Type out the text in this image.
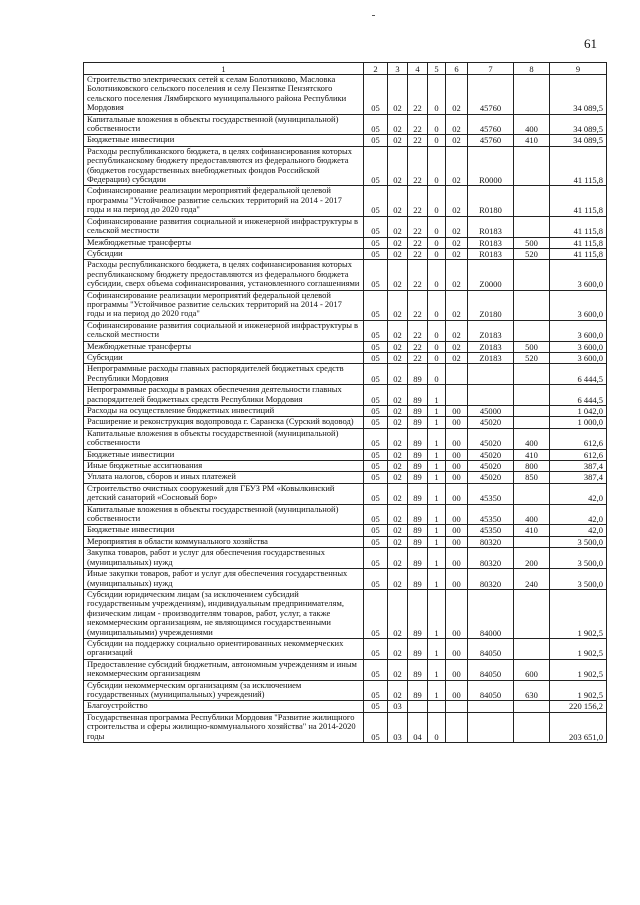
61
1	2	3	4	5	6	7	8	9
Строительство электрических сетей к селам Болотниково, Масловка Болотниковского сельского поселения и селу Пензятке Пензятского сельского поселения Лямбирского муниципального района Республики Мордовия	05	02	22	0	02	45760		34 089,5
Капитальные вложения в объекты государственной (муниципальной) собственности	05	02	22	0	02	45760	400	34 089,5
Бюджетные инвестиции	05	02	22	0	02	45760	410	34 089,5
Расходы республиканского бюджета, в целях софинансирования которых республиканскому бюджету предоставляются из федерального бюджета (бюджетов государственных внебюджетных фондов Российской Федерации) субсидии	05	02	22	0	02	R0000		41 115,8
Софинансирование реализации мероприятий федеральной целевой программы "Устойчивое развитие сельских территорий на 2014 - 2017 годы и на период до 2020 года"	05	02	22	0	02	R0180		41 115,8
Софинансирование развития социальной и инженерной инфраструктуры в сельской местности	05	02	22	0	02	R0183		41 115,8
Межбюджетные трансферты	05	02	22	0	02	R0183	500	41 115,8
Субсидии	05	02	22	0	02	R0183	520	41 115,8
Расходы республиканского бюджета, в целях софинансирования которых республиканскому бюджету предоставляются из федерального бюджета субсидии, сверх объема софинансирования, установленного соглашениями	05	02	22	0	02	Z0000		3 600,0
Софинансирование реализации мероприятий федеральной целевой программы "Устойчивое развитие сельских территорий на 2014 - 2017 годы и на период до 2020 года"	05	02	22	0	02	Z0180		3 600,0
Софинансирование развития социальной и инженерной инфраструктуры в сельской местности	05	02	22	0	02	Z0183		3 600,0
Межбюджетные трансферты	05	02	22	0	02	Z0183	500	3 600,0
Субсидии	05	02	22	0	02	Z0183	520	3 600,0
Непрограммные расходы главных распорядителей бюджетных средств Республики Мордовия	05	02	89	0				6 444,5
Непрограммные расходы в рамках обеспечения деятельности главных распорядителей бюджетных средств Республики Мордовия	05	02	89	1				6 444,5
Расходы на осуществление бюджетных инвестиций	05	02	89	1	00	45000		1 042,0
Расширение и реконструкция водопровода г. Саранска (Сурский водовод)	05	02	89	1	00	45020		1 000,0
Капитальные вложения в объекты государственной (муниципальной) собственности	05	02	89	1	00	45020	400	612,6
Бюджетные инвестиции	05	02	89	1	00	45020	410	612,6
Иные бюджетные ассигнования	05	02	89	1	00	45020	800	387,4
Уплата налогов, сборов и иных платежей	05	02	89	1	00	45020	850	387,4
Строительство очистных сооружений для ГБУЗ РМ «Ковылкинский детский санаторий «Сосновый бор»	05	02	89	1	00	45350		42,0
Капитальные вложения в объекты государственной (муниципальной) собственности	05	02	89	1	00	45350	400	42,0
Бюджетные инвестиции	05	02	89	1	00	45350	410	42,0
Мероприятия в области коммунального хозяйства	05	02	89	1	00	80320		3 500,0
Закупка товаров, работ и услуг для обеспечения государственных (муниципальных) нужд	05	02	89	1	00	80320	200	3 500,0
Иные закупки товаров, работ и услуг для обеспечения государственных (муниципальных) нужд	05	02	89	1	00	80320	240	3 500,0
Субсидии юридическим лицам (за исключением субсидий государственным учреждениям), индивидуальным предпринимателям, физическим лицам - производителям товаров, работ, услуг, а также некоммерческим организациям, не являющимся государственными (муниципальными) учреждениями	05	02	89	1	00	84000		1 902,5
Субсидии на поддержку социально ориентированных некоммерческих организаций	05	02	89	1	00	84050		1 902,5
Предоставление субсидий бюджетным, автономным учреждениям и иным некоммерческим организациям	05	02	89	1	00	84050	600	1 902,5
Субсидии некоммерческим организациям (за исключением государственных (муниципальных) учреждений)	05	02	89	1	00	84050	630	1 902,5
Благоустройство	05	03						220 156,2
Государственная программа Республики Мордовия "Развитие жилищного строительства и сферы жилищно-коммунального хозяйства" на 2014-2020 годы	05	03	04	0				203 651,0
